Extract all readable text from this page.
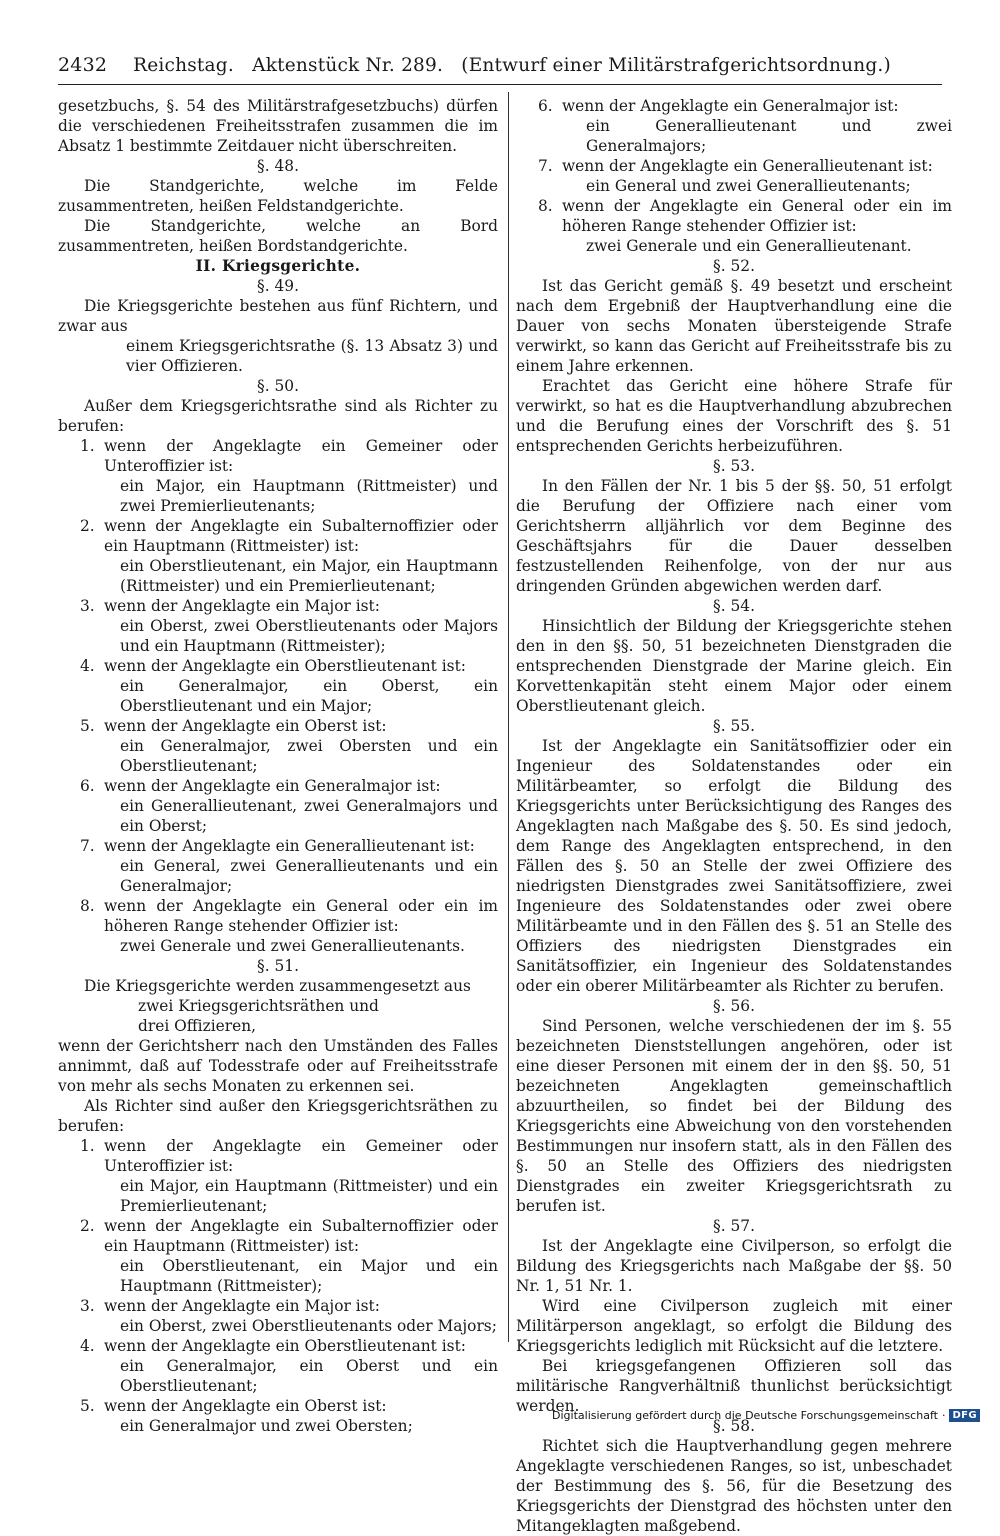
2432 Reichstag.   Aktenstück Nr. 289.   (Entwurf einer Militärstrafgerichtsordnung.)

gesetzbuchs, §. 54 des Militärstrafgesetzbuchs) dürfen die verschiedenen Freiheitsstrafen zusammen die im Absatz 1 bestimmte Zeitdauer nicht überschreiten.

§. 48.

Die Standgerichte, welche im Felde zusammentreten, heißen Feldstandgerichte.

Die Standgerichte, welche an Bord zusammentreten, heißen Bordstandgerichte.

II. Kriegsgerichte.

§. 49.

Die Kriegsgerichte bestehen aus fünf Richtern, und zwar aus

einem Kriegsgerichtsrathe (§. 13 Absatz 3) und vier Offizieren.

§. 50.

Außer dem Kriegsgerichtsrathe sind als Richter zu berufen:

1. wenn der Angeklagte ein Gemeiner oder Unteroffizier ist:

ein Major, ein Hauptmann (Rittmeister) und zwei Premierlieutenants;

2. wenn der Angeklagte ein Subalternoffizier oder ein Hauptmann (Rittmeister) ist:

ein Oberstlieutenant, ein Major, ein Hauptmann (Rittmeister) und ein Premierlieutenant;

3. wenn der Angeklagte ein Major ist:

ein Oberst, zwei Oberstlieutenants oder Majors und ein Hauptmann (Rittmeister);

4. wenn der Angeklagte ein Oberstlieutenant ist:

ein Generalmajor, ein Oberst, ein Oberstlieutenant und ein Major;

5. wenn der Angeklagte ein Oberst ist:

ein Generalmajor, zwei Obersten und ein Oberstlieutenant;

6. wenn der Angeklagte ein Generalmajor ist:

ein Generallieutenant, zwei Generalmajors und ein Oberst;

7. wenn der Angeklagte ein Generallieutenant ist:

ein General, zwei Generallieutenants und ein Generalmajor;

8. wenn der Angeklagte ein General oder ein im höheren Range stehender Offizier ist:

zwei Generale und zwei Generallieutenants.

§. 51.

Die Kriegsgerichte werden zusammengesetzt aus

zwei Kriegsgerichtsräthen und

drei Offizieren,

wenn der Gerichtsherr nach den Umständen des Falles annimmt, daß auf Todesstrafe oder auf Freiheitsstrafe von mehr als sechs Monaten zu erkennen sei.

Als Richter sind außer den Kriegsgerichtsräthen zu berufen:

1. wenn der Angeklagte ein Gemeiner oder Unteroffizier ist:

ein Major, ein Hauptmann (Rittmeister) und ein Premierlieutenant;

2. wenn der Angeklagte ein Subalternoffizier oder ein Hauptmann (Rittmeister) ist:

ein Oberstlieutenant, ein Major und ein Hauptmann (Rittmeister);

3. wenn der Angeklagte ein Major ist:

ein Oberst, zwei Oberstlieutenants oder Majors;

4. wenn der Angeklagte ein Oberstlieutenant ist:

ein Generalmajor, ein Oberst und ein Oberstlieutenant;

5. wenn der Angeklagte ein Oberst ist:

ein Generalmajor und zwei Obersten;

6. wenn der Angeklagte ein Generalmajor ist:

ein Generallieutenant und zwei Generalmajors;

7. wenn der Angeklagte ein Generallieutenant ist:

ein General und zwei Generallieutenants;

8. wenn der Angeklagte ein General oder ein im höheren Range stehender Offizier ist:

zwei Generale und ein Generallieutenant.

§. 52.

Ist das Gericht gemäß §. 49 besetzt und erscheint nach dem Ergebniß der Hauptverhandlung eine die Dauer von sechs Monaten übersteigende Strafe verwirkt, so kann das Gericht auf Freiheitsstrafe bis zu einem Jahre erkennen.

Erachtet das Gericht eine höhere Strafe für verwirkt, so hat es die Hauptverhandlung abzubrechen und die Berufung eines der Vorschrift des §. 51 entsprechenden Gerichts herbeizuführen.

§. 53.

In den Fällen der Nr. 1 bis 5 der §§. 50, 51 erfolgt die Berufung der Offiziere nach einer vom Gerichtsherrn alljährlich vor dem Beginne des Geschäftsjahrs für die Dauer desselben festzustellenden Reihenfolge, von der nur aus dringenden Gründen abgewichen werden darf.

§. 54.

Hinsichtlich der Bildung der Kriegsgerichte stehen den in den §§. 50, 51 bezeichneten Dienstgraden die entsprechenden Dienstgrade der Marine gleich. Ein Korvettenkapitän steht einem Major oder einem Oberstlieutenant gleich.

§. 55.

Ist der Angeklagte ein Sanitätsoffizier oder ein Ingenieur des Soldatenstandes oder ein Militärbeamter, so erfolgt die Bildung des Kriegsgerichts unter Berücksichtigung des Ranges des Angeklagten nach Maßgabe des §. 50. Es sind jedoch, dem Range des Angeklagten entsprechend, in den Fällen des §. 50 an Stelle der zwei Offiziere des niedrigsten Dienstgrades zwei Sanitätsoffiziere, zwei Ingenieure des Soldatenstandes oder zwei obere Militärbeamte und in den Fällen des §. 51 an Stelle des Offiziers des niedrigsten Dienstgrades ein Sanitätsoffizier, ein Ingenieur des Soldatenstandes oder ein oberer Militärbeamter als Richter zu berufen.

§. 56.

Sind Personen, welche verschiedenen der im §. 55 bezeichneten Dienststellungen angehören, oder ist eine dieser Personen mit einem der in den §§. 50, 51 bezeichneten Angeklagten gemeinschaftlich abzuurtheilen, so findet bei der Bildung des Kriegsgerichts eine Abweichung von den vorstehenden Bestimmungen nur insofern statt, als in den Fällen des §. 50 an Stelle des Offiziers des niedrigsten Dienstgrades ein zweiter Kriegsgerichtsrath zu berufen ist.

§. 57.

Ist der Angeklagte eine Civilperson, so erfolgt die Bildung des Kriegsgerichts nach Maßgabe der §§. 50 Nr. 1, 51 Nr. 1.

Wird eine Civilperson zugleich mit einer Militärperson angeklagt, so erfolgt die Bildung des Kriegsgerichts lediglich mit Rücksicht auf die letztere.

Bei kriegsgefangenen Offizieren soll das militärische Rangverhältniß thunlichst berücksichtigt werden.

§. 58.

Richtet sich die Hauptverhandlung gegen mehrere Angeklagte verschiedenen Ranges, so ist, unbeschadet der Bestimmung des §. 56, für die Besetzung des Kriegsgerichts der Dienstgrad des höchsten unter den Mitangeklagten maßgebend.

Digitalisierung gefördert durch die Deutsche Forschungsgemeinschaft · DFG
